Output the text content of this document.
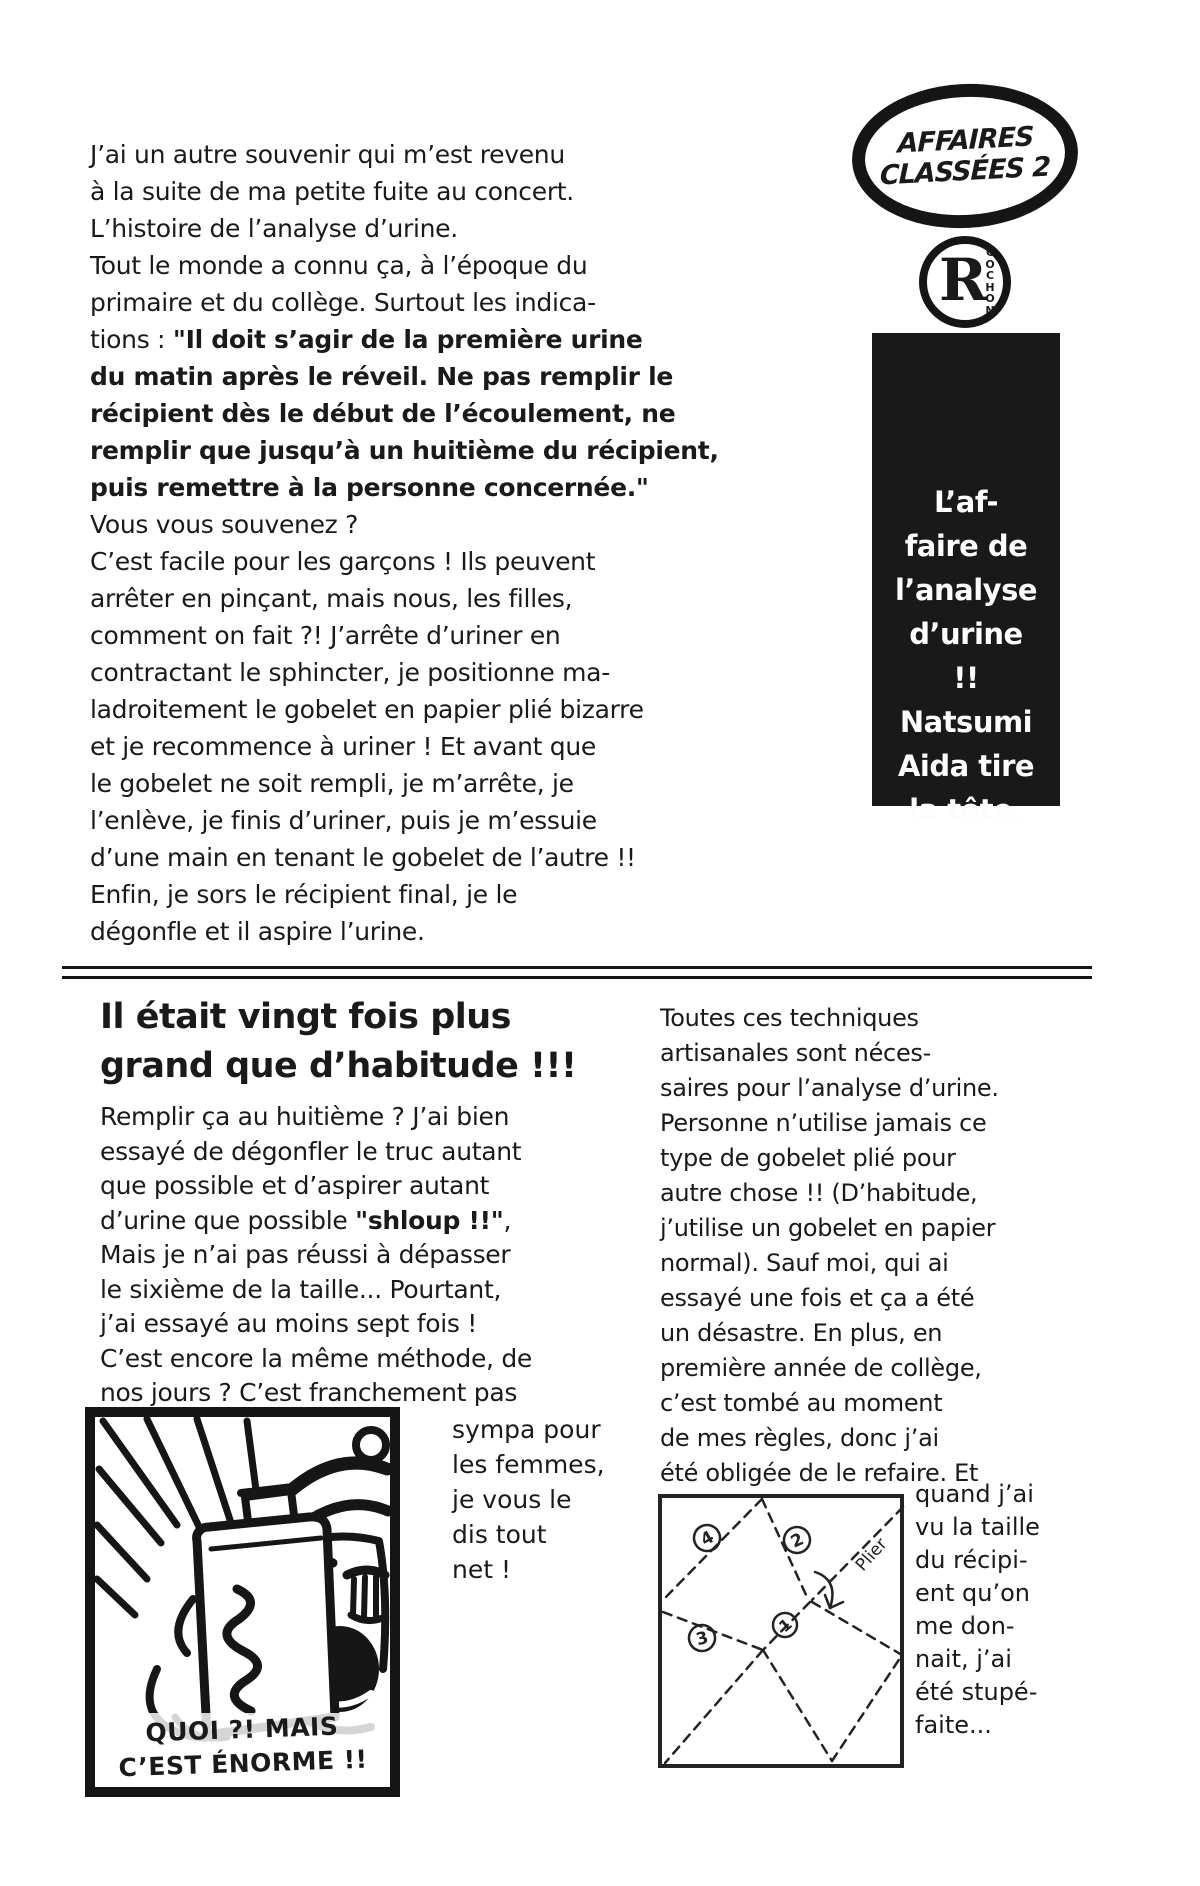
J’ai un autre souvenir qui m’est revenu
à la suite de ma petite fuite au concert.
L’histoire de l’analyse d’urine.
Tout le monde a connu ça, à l’époque du
primaire et du collège. Surtout les indica-
tions : "Il doit s’agir de la première urine
du matin après le réveil. Ne pas remplir le
récipient dès le début de l’écoulement, ne
remplir que jusqu’à un huitième du récipient,
puis remettre à la personne concernée."
Vous vous souvenez ?
C’est facile pour les garçons ! Ils peuvent
arrêter en pinçant, mais nous, les filles,
comment on fait ?! J’arrête d’uriner en
contractant le sphincter, je positionne ma-
ladroitement le gobelet en papier plié bizarre
et je recommence à uriner ! Et avant que
le gobelet ne soit rempli, je m’arrête, je
l’enlève, je finis d’uriner, puis je m’essuie
d’une main en tenant le gobelet de l’autre !!
Enfin, je sors le récipient final, je le
dégonfle et il aspire l’urine.
AFFAIRES
CLASSÉES 2
R
COCHON
L’af-
faire de
l’analyse
d’urine
!!
Natsumi
Aida tire
la tête.
Il était vingt fois plus
grand que d’habitude !!!
Remplir ça au huitième ? J’ai bien
essayé de dégonfler le truc autant
que possible et d’aspirer autant
d’urine que possible "shloup !!",
Mais je n’ai pas réussi à dépasser
le sixième de la taille... Pourtant,
j’ai essayé au moins sept fois !
C’est encore la même méthode, de
nos jours ? C’est franchement pas
sympa pour
les femmes,
je vous le
dis tout
net !
Toutes ces techniques
artisanales sont néces-
saires pour l’analyse d’urine.
Personne n’utilise jamais ce
type de gobelet plié pour
autre chose !! (D’habitude,
j’utilise un gobelet en papier
normal). Sauf moi, qui ai
essayé une fois et ça a été
un désastre. En plus, en
première année de collège,
c’est tombé au moment
de mes règles, donc j’ai
été obligée de le refaire. Et
quand j’ai
vu la taille
du récipi-
ent qu’on
me don-
nait, j’ai
été stupé-
faite...
QUOI ?! MAIS
C’EST ÉNORME !!
4	2
3
1
Plier
